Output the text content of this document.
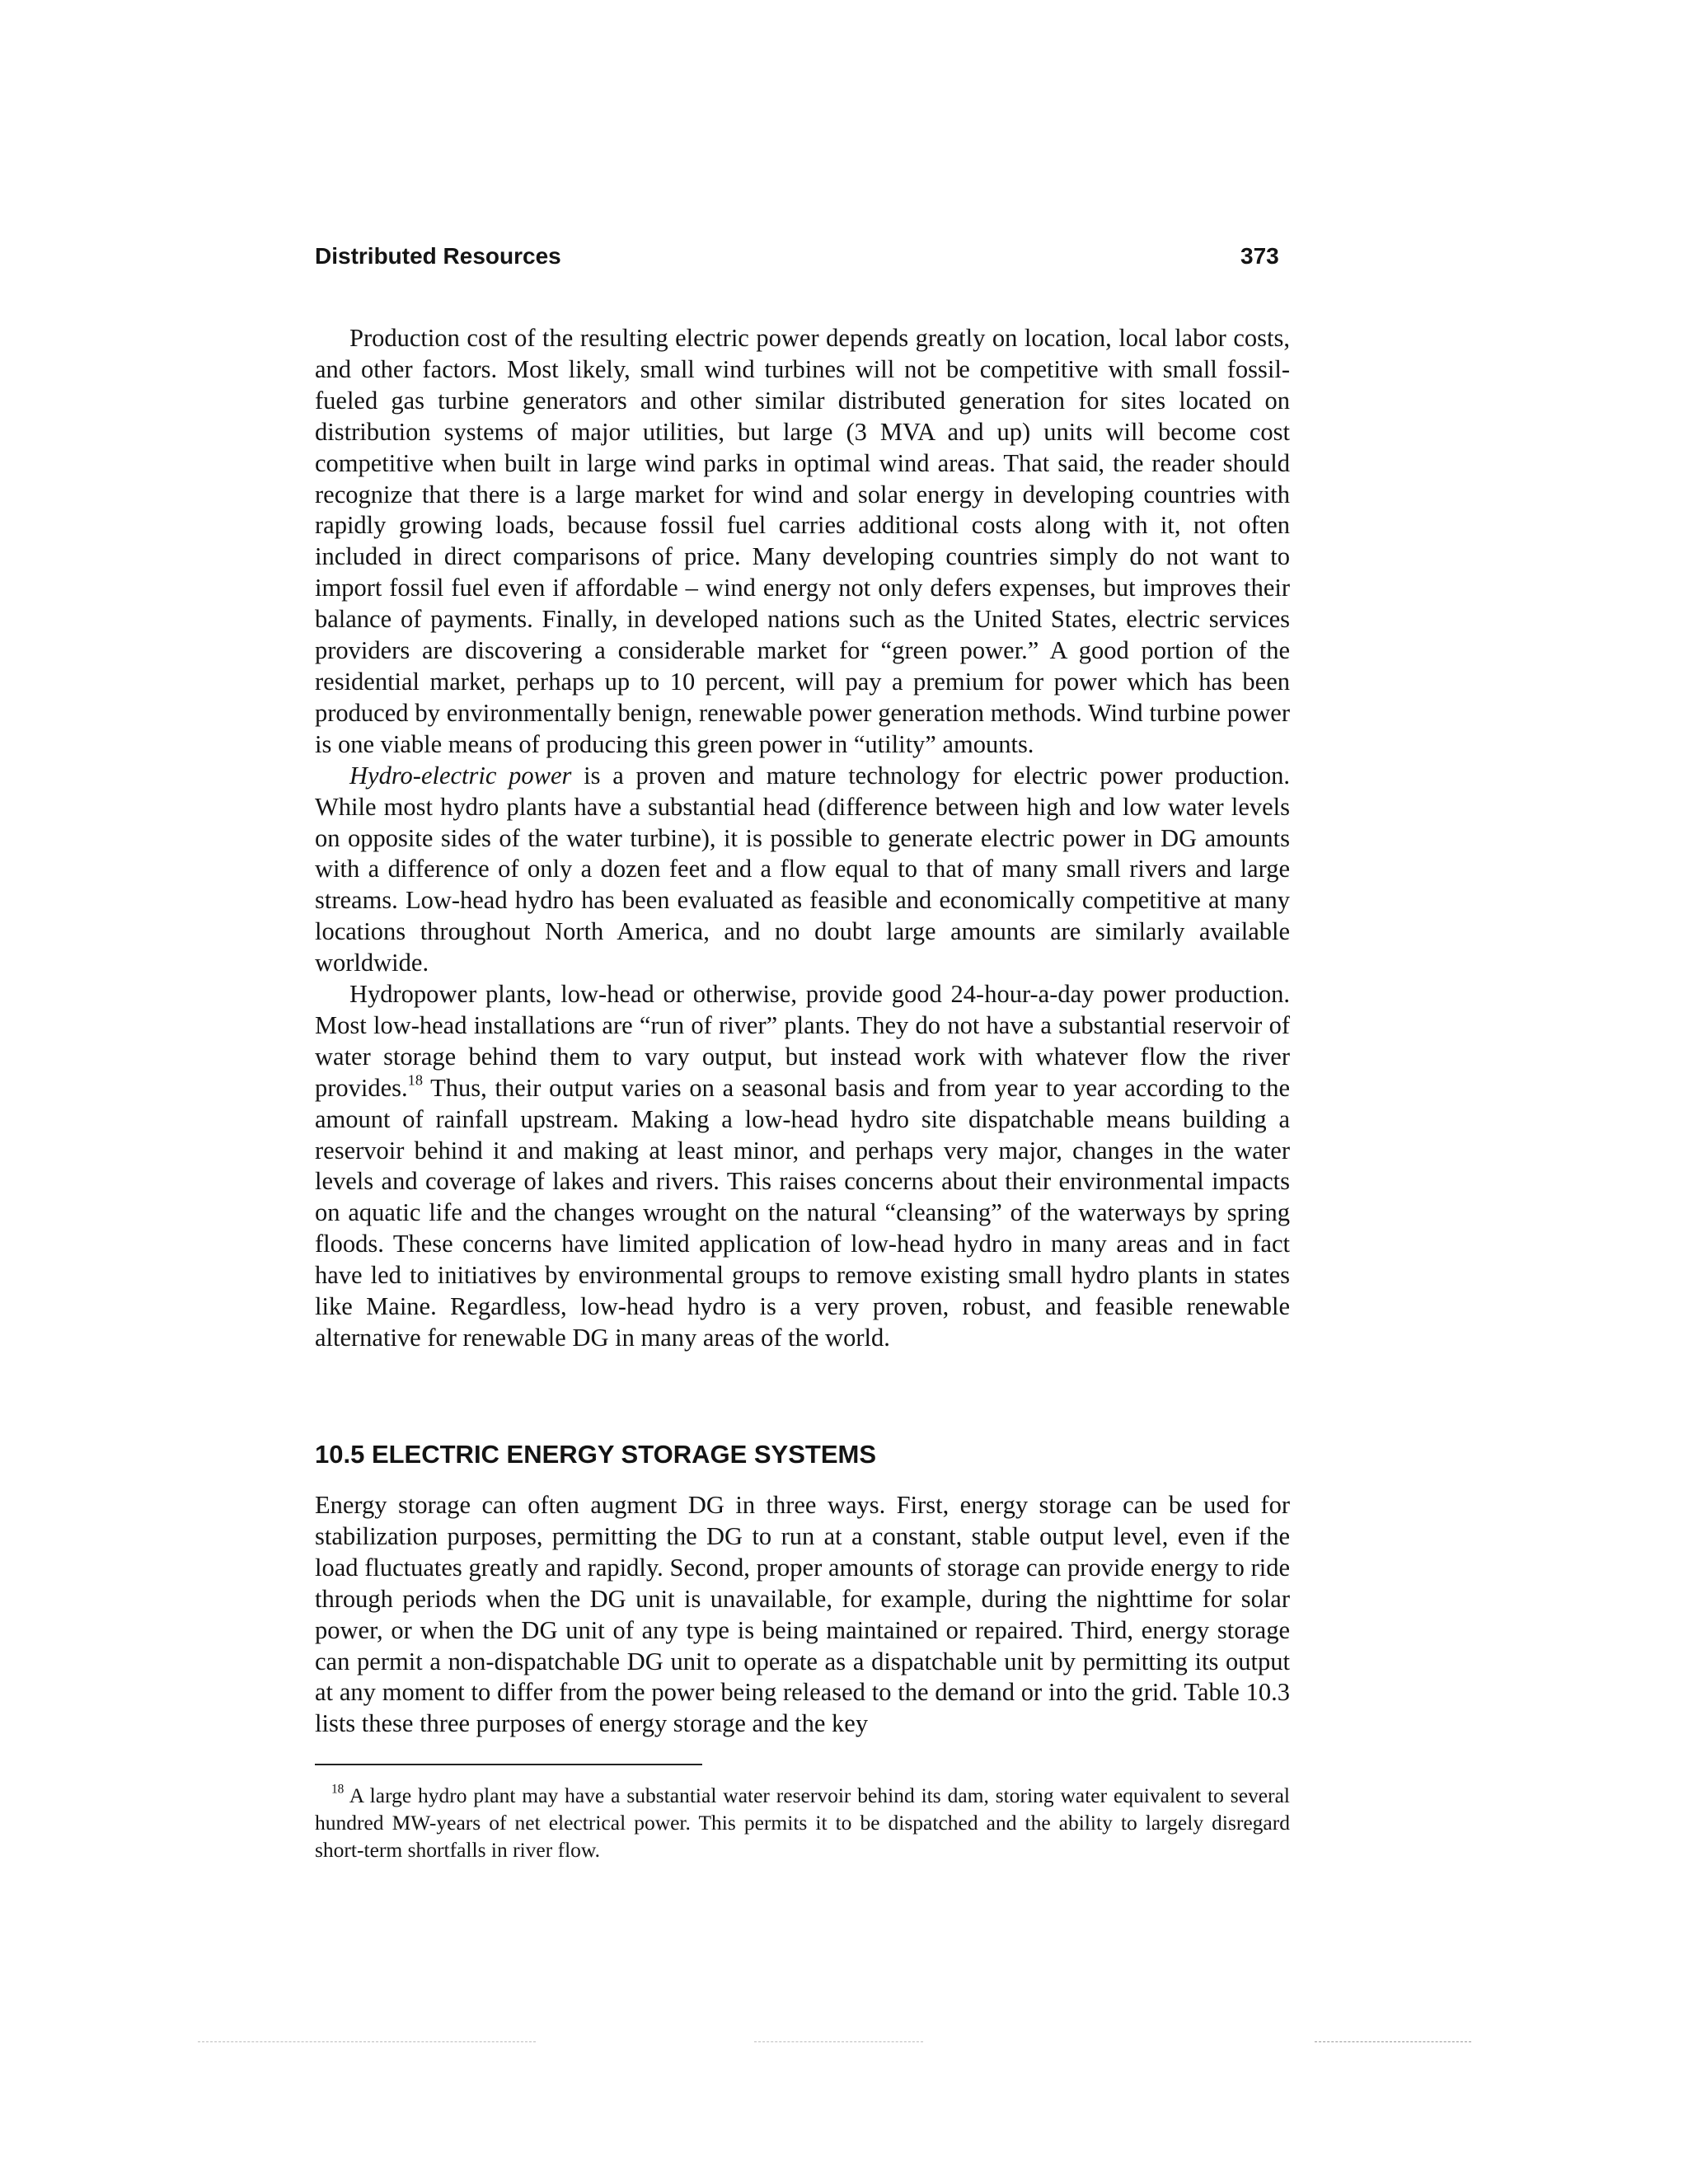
Distributed Resources	373

Production cost of the resulting electric power depends greatly on location, local labor costs, and other factors. Most likely, small wind turbines will not be competitive with small fossil-fueled gas turbine generators and other similar distributed generation for sites located on distribution systems of major utilities, but large (3 MVA and up) units will become cost competitive when built in large wind parks in optimal wind areas. That said, the reader should recognize that there is a large market for wind and solar energy in developing countries with rapidly growing loads, because fossil fuel carries additional costs along with it, not often included in direct comparisons of price. Many developing countries simply do not want to import fossil fuel even if affordable – wind energy not only defers expenses, but improves their balance of payments. Finally, in developed nations such as the United States, electric services providers are discovering a considerable market for “green power.” A good portion of the residential market, perhaps up to 10 percent, will pay a premium for power which has been produced by environmentally benign, renewable power generation methods. Wind turbine power is one viable means of producing this green power in “utility” amounts.

Hydro-electric power is a proven and mature technology for electric power production. While most hydro plants have a substantial head (difference between high and low water levels on opposite sides of the water turbine), it is possible to generate electric power in DG amounts with a difference of only a dozen feet and a flow equal to that of many small rivers and large streams. Low-head hydro has been evaluated as feasible and economically competitive at many locations throughout North America, and no doubt large amounts are similarly available worldwide.

Hydropower plants, low-head or otherwise, provide good 24-hour-a-day power production. Most low-head installations are “run of river” plants. They do not have a substantial reservoir of water storage behind them to vary output, but instead work with whatever flow the river provides.$^{18}$ Thus, their output varies on a seasonal basis and from year to year according to the amount of rainfall upstream. Making a low-head hydro site dispatchable means building a reservoir behind it and making at least minor, and perhaps very major, changes in the water levels and coverage of lakes and rivers. This raises concerns about their environmental impacts on aquatic life and the changes wrought on the natural “cleansing” of the waterways by spring floods. These concerns have limited application of low-head hydro in many areas and in fact have led to initiatives by environmental groups to remove existing small hydro plants in states like Maine. Regardless, low-head hydro is a very proven, robust, and feasible renewable alternative for renewable DG in many areas of the world.

10.5 ELECTRIC ENERGY STORAGE SYSTEMS

Energy storage can often augment DG in three ways. First, energy storage can be used for stabilization purposes, permitting the DG to run at a constant, stable output level, even if the load fluctuates greatly and rapidly. Second, proper amounts of storage can provide energy to ride through periods when the DG unit is unavailable, for example, during the nighttime for solar power, or when the DG unit of any type is being maintained or repaired. Third, energy storage can permit a non-dispatchable DG unit to operate as a dispatchable unit by permitting its output at any moment to differ from the power being released to the demand or into the grid. Table 10.3 lists these three purposes of energy storage and the key

$^{18}$ A large hydro plant may have a substantial water reservoir behind its dam, storing water equivalent to several hundred MW-years of net electrical power. This permits it to be dispatched and the ability to largely disregard short-term shortfalls in river flow.
